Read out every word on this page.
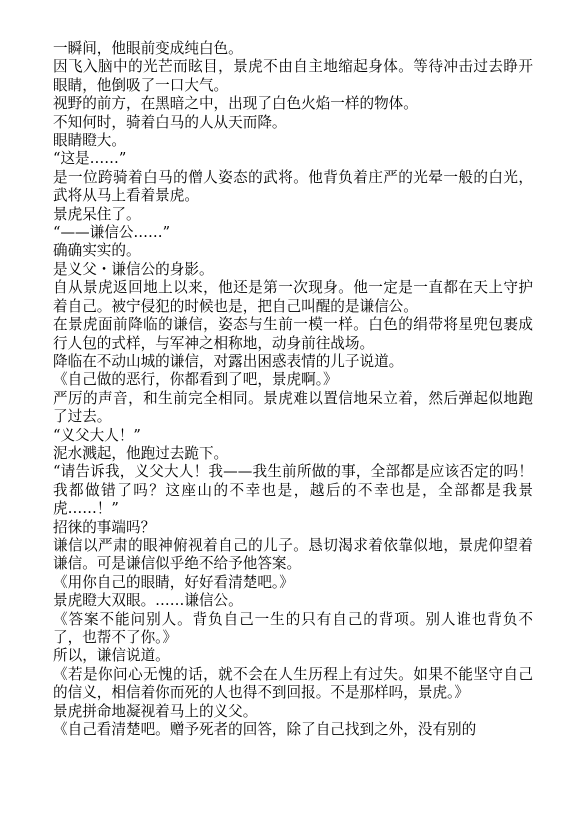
一瞬间，他眼前变成纯白色。

因飞入脑中的光芒而眩目，景虎不由自主地缩起身体。等待冲击过去睁开眼睛，他倒吸了一口大气。

视野的前方，在黑暗之中，出现了白色火焰一样的物体。

不知何时，骑着白马的人从天而降。

眼睛瞪大。

“这是……”

是一位跨骑着白马的僧人姿态的武将。他背负着庄严的光晕一般的白光，武将从马上看着景虎。

景虎呆住了。

“——谦信公……”

确确实实的。

是义父・谦信公的身影。

自从景虎返回地上以来，他还是第一次现身。他一定是一直都在天上守护着自己。被宁侵犯的时候也是，把自己叫醒的是谦信公。

在景虎面前降临的谦信，姿态与生前一模一样。白色的绢带将星兜包裹成行人包的式样，与军神之相称地，动身前往战场。

降临在不动山城的谦信，对露出困惑表情的儿子说道。

《自己做的恶行，你都看到了吧，景虎啊。》

严厉的声音，和生前完全相同。景虎难以置信地呆立着，然后弹起似地跑了过去。

“义父大人！”

泥水溅起，他跑过去跪下。

“请告诉我，义父大人！我——我生前所做的事，全部都是应该否定的吗！我都做错了吗？这座山的不幸也是，越后的不幸也是，全部都是我景虎……！”

招徕的事端吗？

谦信以严肃的眼神俯视着自己的儿子。恳切渴求着依靠似地，景虎仰望着谦信。可是谦信似乎绝不给予他答案。

《用你自己的眼睛，好好看清楚吧。》

景虎瞪大双眼。……谦信公。

《答案不能问别人。背负自己一生的只有自己的背项。别人谁也背负不了，也帮不了你。》

所以，谦信说道。

《若是你问心无愧的话，就不会在人生历程上有过失。如果不能坚守自己的信义，相信着你而死的人也得不到回报。不是那样吗，景虎。》

景虎拼命地凝视着马上的义父。

《自己看清楚吧。赠予死者的回答，除了自己找到之外，没有别的
